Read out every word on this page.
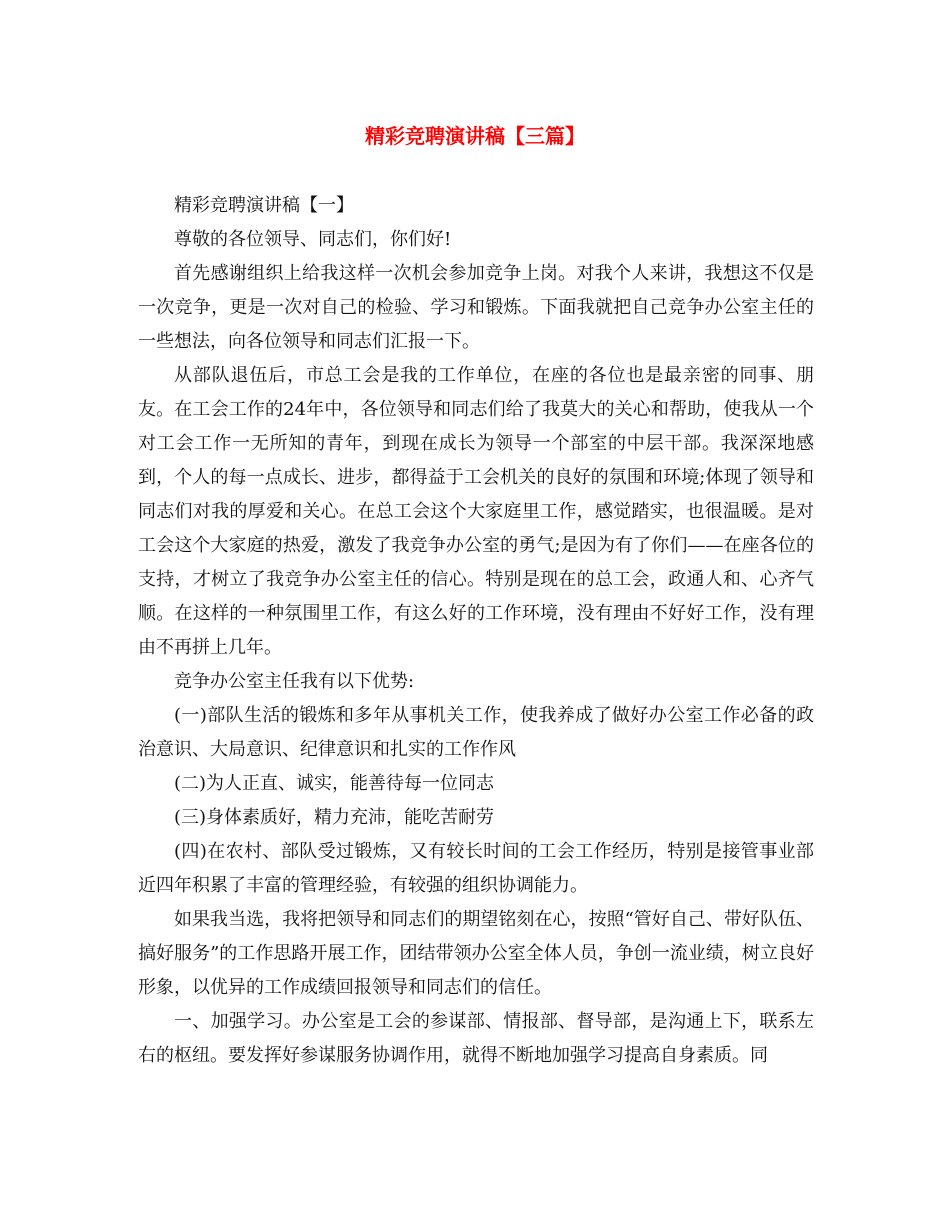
精彩竞聘演讲稿【三篇】

精彩竞聘演讲稿【一】

尊敬的各位领导、同志们，你们好!

首先感谢组织上给我这样一次机会参加竞争上岗。对我个人来讲，我想这不仅是一次竞争，更是一次对自己的检验、学习和锻炼。下面我就把自己竞争办公室主任的一些想法，向各位领导和同志们汇报一下。

从部队退伍后，市总工会是我的工作单位，在座的各位也是最亲密的同事、朋友。在工会工作的24年中，各位领导和同志们给了我莫大的关心和帮助，使我从一个对工会工作一无所知的青年，到现在成长为领导一个部室的中层干部。我深深地感到，个人的每一点成长、进步，都得益于工会机关的良好的氛围和环境;体现了领导和同志们对我的厚爱和关心。在总工会这个大家庭里工作，感觉踏实，也很温暖。是对工会这个大家庭的热爱，激发了我竞争办公室的勇气;是因为有了你们——在座各位的支持，才树立了我竞争办公室主任的信心。特别是现在的总工会，政通人和、心齐气顺。在这样的一种氛围里工作，有这么好的工作环境，没有理由不好好工作，没有理由不再拼上几年。

竞争办公室主任我有以下优势:

(一)部队生活的锻炼和多年从事机关工作，使我养成了做好办公室工作必备的政治意识、大局意识、纪律意识和扎实的工作作风

(二)为人正直、诚实，能善待每一位同志

(三)身体素质好，精力充沛，能吃苦耐劳

(四)在农村、部队受过锻炼，又有较长时间的工会工作经历，特别是接管事业部近四年积累了丰富的管理经验，有较强的组织协调能力。

如果我当选，我将把领导和同志们的期望铭刻在心，按照“管好自己、带好队伍、搞好服务”的工作思路开展工作，团结带领办公室全体人员，争创一流业绩，树立良好形象，以优异的工作成绩回报领导和同志们的信任。

一、加强学习。办公室是工会的参谋部、情报部、督导部，是沟通上下，联系左右的枢纽。要发挥好参谋服务协调作用，就得不断地加强学习提高自身素质。同
